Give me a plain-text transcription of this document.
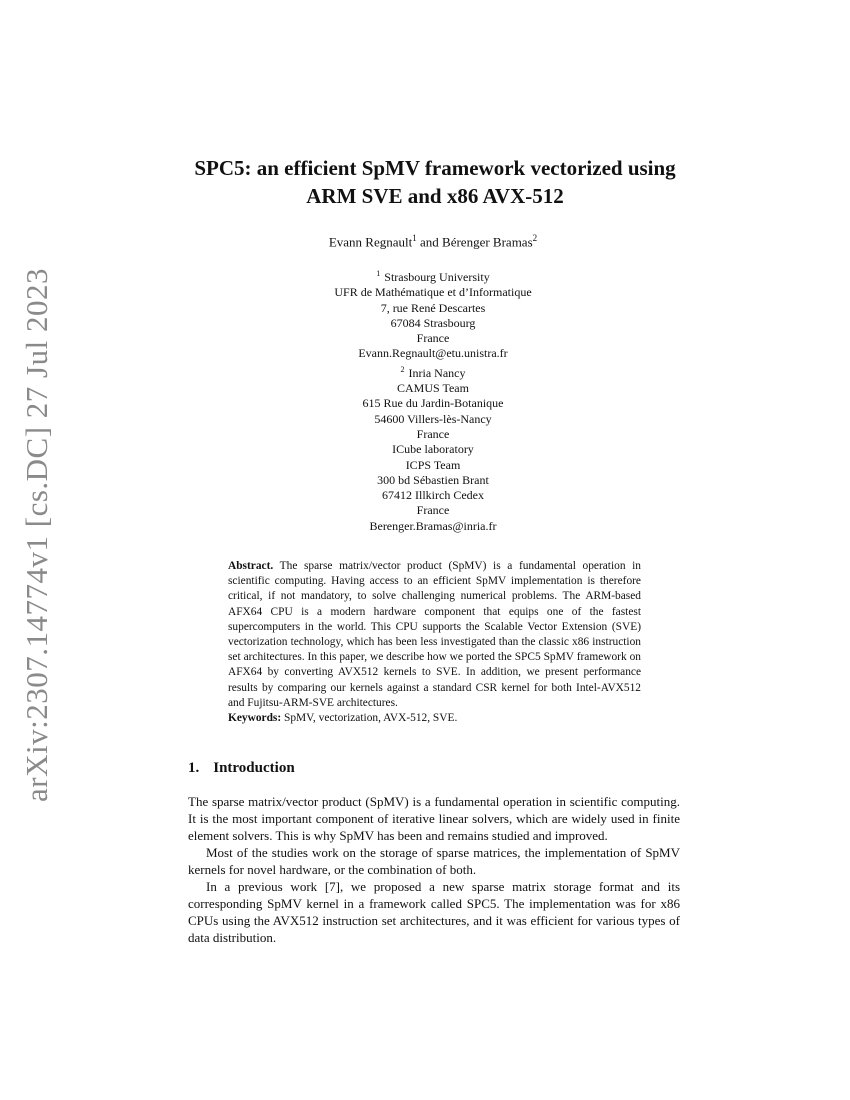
arXiv:2307.14774v1 [cs.DC] 27 Jul 2023
SPC5: an efficient SpMV framework vectorized using
ARM SVE and x86 AVX-512
Evann Regnault$^1$ and Bérenger Bramas$^2$
$^1$ Strasbourg University
UFR de Mathématique et d’Informatique
7, rue René Descartes
67084 Strasbourg
France
Evann.Regnault@etu.unistra.fr
$^2$ Inria Nancy
CAMUS Team
615 Rue du Jardin-Botanique
54600 Villers-lès-Nancy
France
ICube laboratory
ICPS Team
300 bd Sébastien Brant
67412 Illkirch Cedex
France
Berenger.Bramas@inria.fr
Abstract. The sparse matrix/vector product (SpMV) is a fundamental operation in scientific computing. Having access to an efficient SpMV implementation is therefore critical, if not mandatory, to solve challenging numerical problems. The ARM-based AFX64 CPU is a modern hardware component that equips one of the fastest supercomputers in the world. This CPU supports the Scalable Vector Extension (SVE) vectorization technology, which has been less investigated than the classic x86 instruction set architectures. In this paper, we describe how we ported the SPC5 SpMV framework on AFX64 by converting AVX512 kernels to SVE. In addition, we present performance results by comparing our kernels against a standard CSR kernel for both Intel-AVX512 and Fujitsu-ARM-SVE architectures.
Keywords: SpMV, vectorization, AVX-512, SVE.
1. Introduction

The sparse matrix/vector product (SpMV) is a fundamental operation in scientific computing. It is the most important component of iterative linear solvers, which are widely used in finite element solvers. This is why SpMV has been and remains studied and improved.

Most of the studies work on the storage of sparse matrices, the implementation of SpMV kernels for novel hardware, or the combination of both.

In a previous work [7], we proposed a new sparse matrix storage format and its corresponding SpMV kernel in a framework called SPC5. The implementation was for x86 CPUs using the AVX512 instruction set architectures, and it was efficient for various types of data distribution.
